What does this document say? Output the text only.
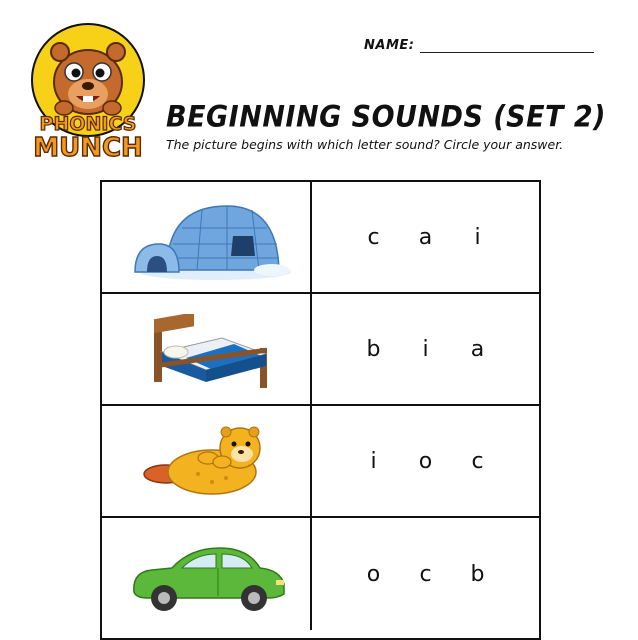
PHONICS
MUNCH
NAME:
BEGINNING SOUNDS (SET 2)
The picture begins with which letter sound? Circle your answer.
c a i
b i a
i o c
o c b
